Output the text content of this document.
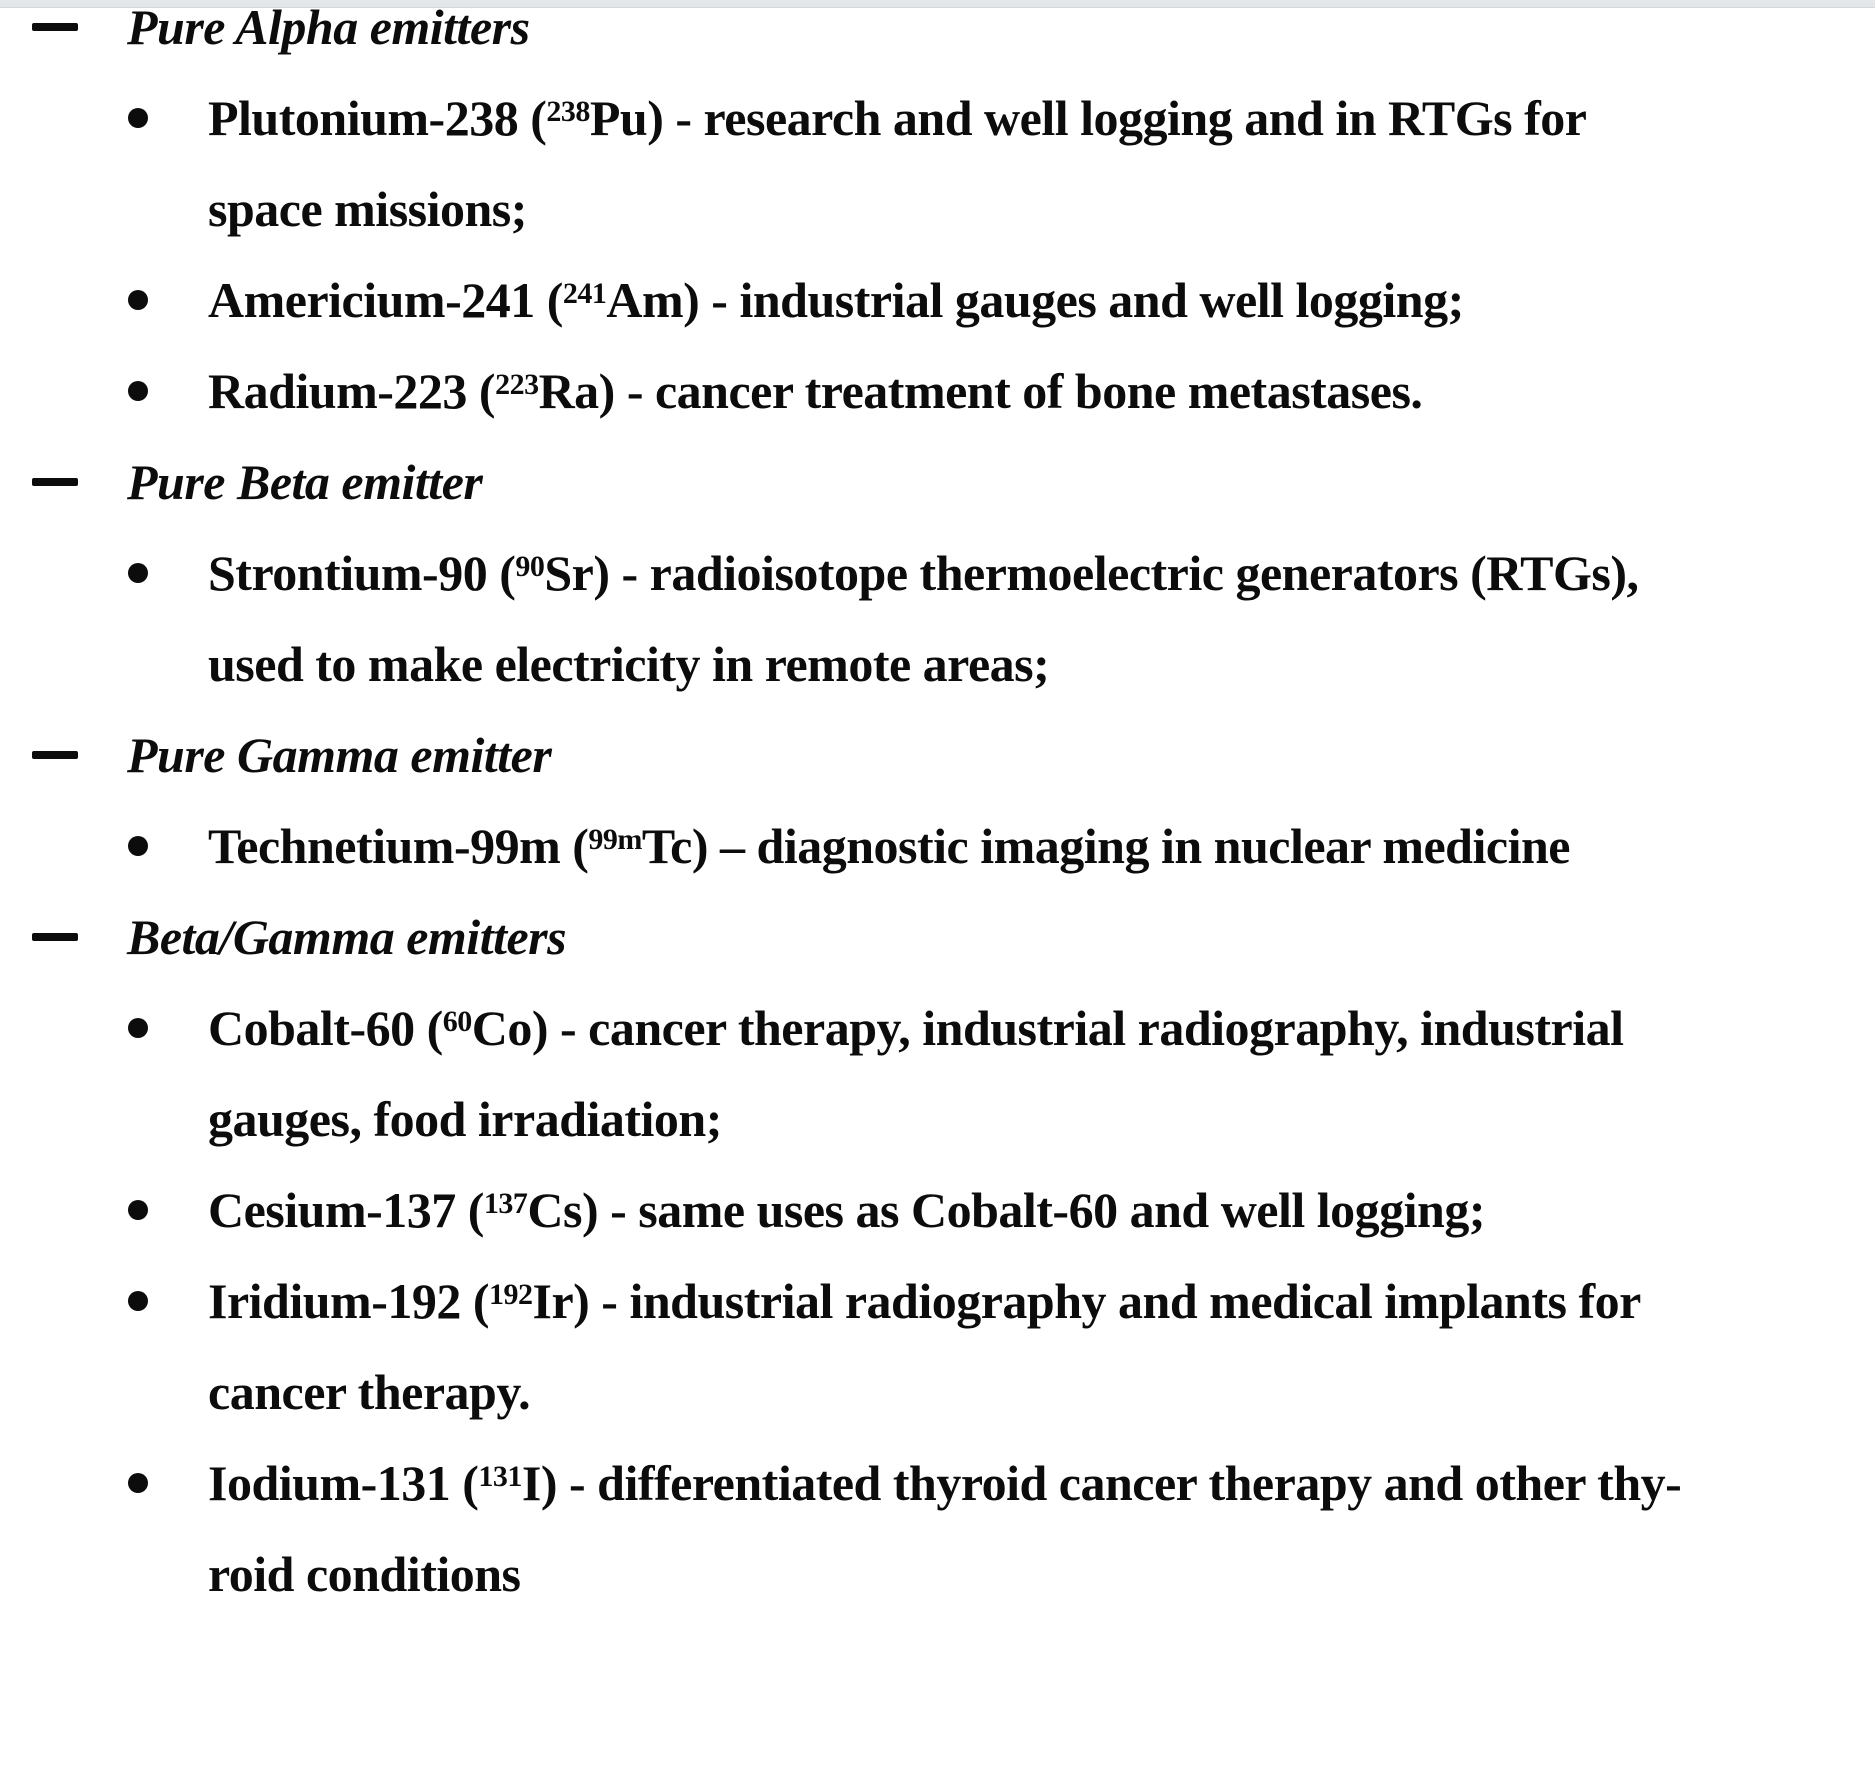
Pure Alpha emitters
Plutonium-238 ($^{238}$Pu) - research and well logging and in RTGs for
space missions;
Americium-241 ($^{241}$Am) - industrial gauges and well logging;
Radium-223 ($^{223}$Ra) - cancer treatment of bone metastases.
Pure Beta emitter
Strontium-90 ($^{90}$Sr) - radioisotope thermoelectric generators (RTGs),
used to make electricity in remote areas;
Pure Gamma emitter
Technetium-99m ($^{99m}$Tc) – diagnostic imaging in nuclear medicine
Beta/Gamma emitters
Cobalt-60 ($^{60}$Co) - cancer therapy, industrial radiography, industrial
gauges, food irradiation;
Cesium-137 ($^{137}$Cs) - same uses as Cobalt-60 and well logging;
Iridium-192 ($^{192}$Ir) - industrial radiography and medical implants for
cancer therapy.
Iodium-131 ($^{131}$I) - differentiated thyroid cancer therapy and other thy-
roid conditions
